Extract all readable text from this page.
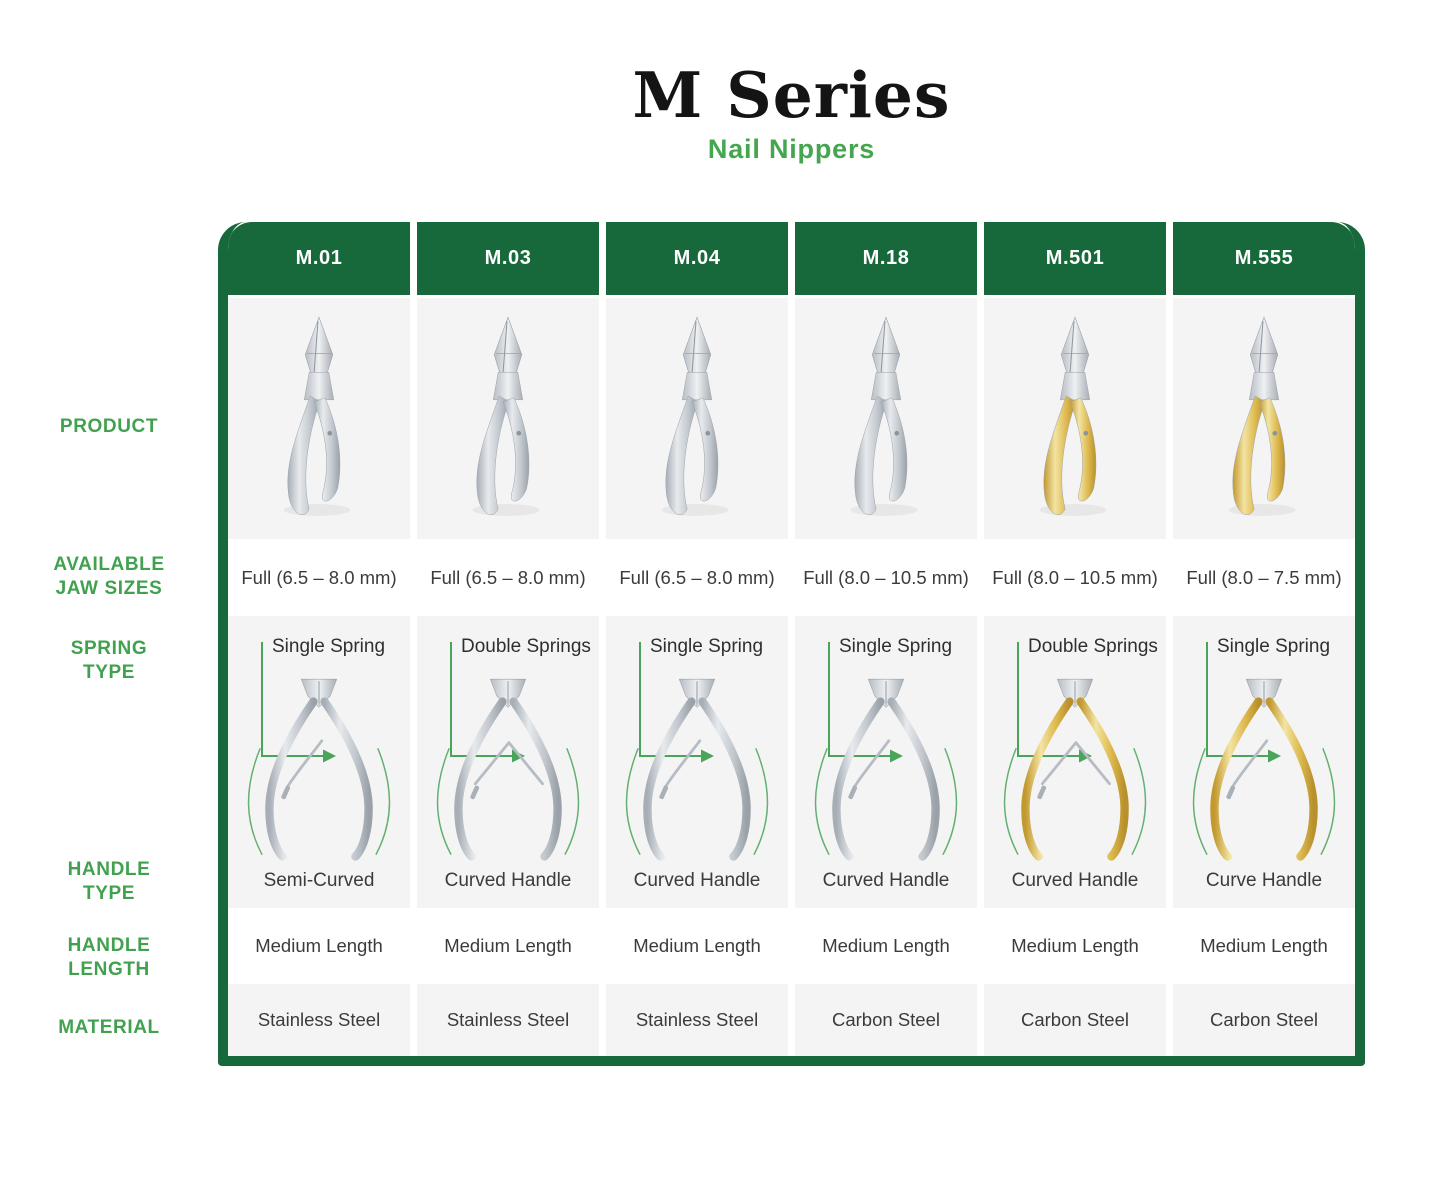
M Series
Nail Nippers
PRODUCT
AVAILABLE
JAW SIZES
SPRING
TYPE
HANDLE
TYPE
HANDLE
LENGTH
MATERIAL
M.01
Full (6.5 – 8.0 mm)
Single Spring
Semi-Curved
Medium Length
Stainless Steel
M.03
Full (6.5 – 8.0 mm)
Double Springs
Curved Handle
Medium Length
Stainless Steel
M.04
Full (6.5 – 8.0 mm)
Single Spring
Curved Handle
Medium Length
Stainless Steel
M.18
Full (8.0 – 10.5 mm)
Single Spring
Curved Handle
Medium Length
Carbon Steel
M.501
Full (8.0 – 10.5 mm)
Double Springs
Curved Handle
Medium Length
Carbon Steel
M.555
Full (8.0 – 7.5 mm)
Single Spring
Curve Handle
Medium Length
Carbon Steel
